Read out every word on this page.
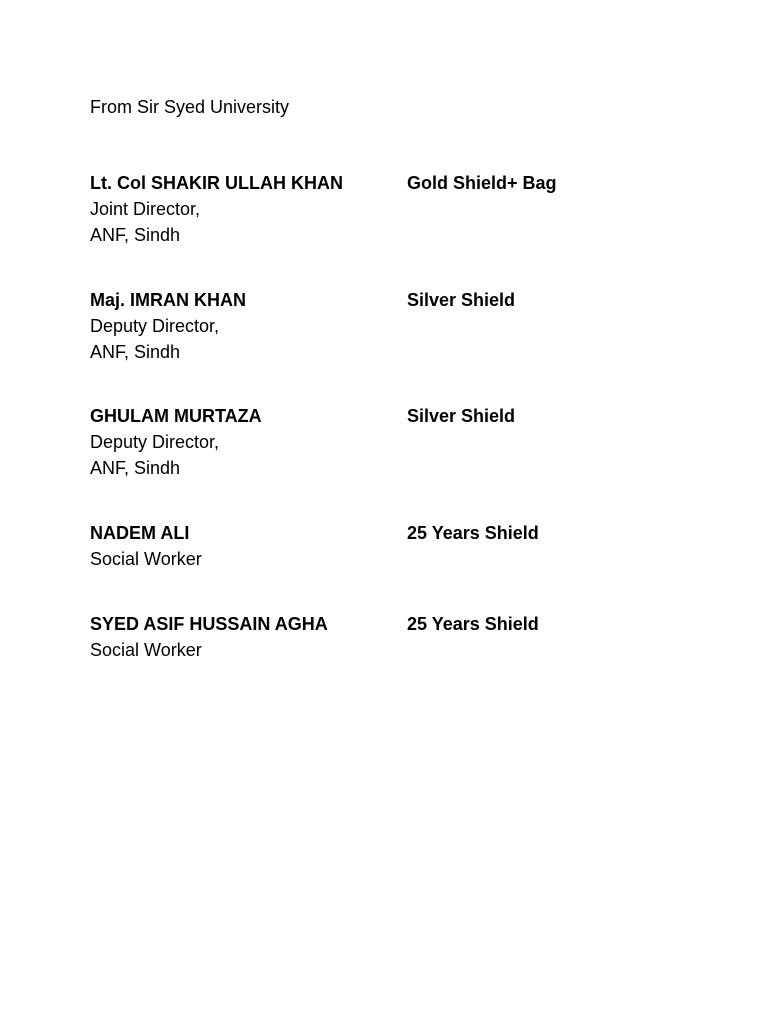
From Sir Syed University

Lt. Col SHAKIR ULLAH KHAN	Gold Shield+ Bag
Joint Director,
ANF, Sindh
Maj. IMRAN KHAN	Silver Shield
Deputy Director,
ANF, Sindh
GHULAM MURTAZA	Silver Shield
Deputy Director,
ANF, Sindh
NADEM ALI	25 Years Shield
Social Worker
SYED ASIF HUSSAIN AGHA	25 Years Shield
Social Worker
